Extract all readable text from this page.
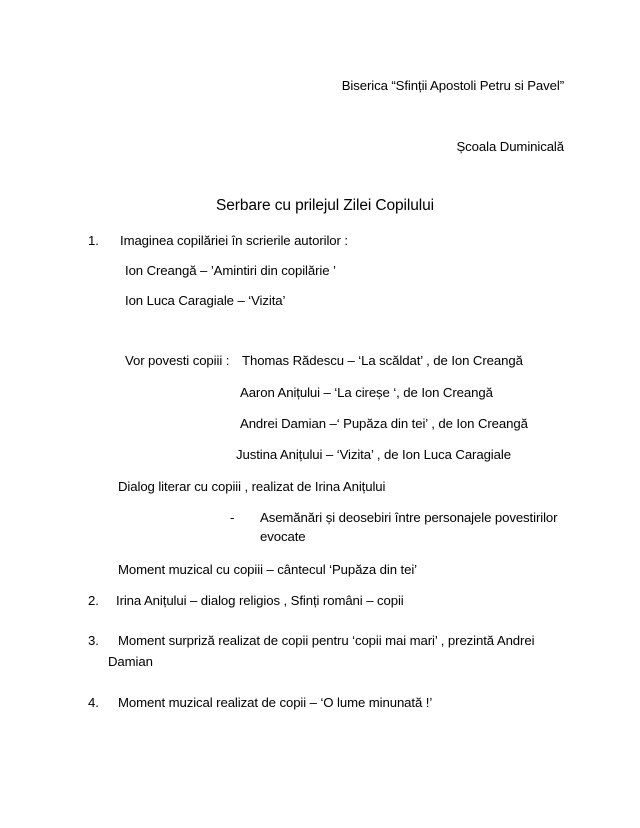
Biserica “Sfinții Apostoli Petru si Pavel”
Școala Duminicală
Serbare cu prilejul Zilei Copilului
1. Imaginea copilăriei în scrierile autorilor :
Ion Creangă – ’Amintiri din copilărie ’
Ion Luca Caragiale – ‘Vizita’
Vor povesti copiii : Thomas Rădescu – ‘La scăldat’ , de Ion Creangă
Aaron Anițului – ‘La cireșe ‘, de Ion Creangă
Andrei Damian –‘ Pupăza din tei’ , de Ion Creangă
Justina Anițului – ‘Vizita’ , de Ion Luca Caragiale
Dialog literar cu copiii , realizat de Irina Anițului
- Asemănări și deosebiri între personajele povestirilor
evocate
Moment muzical cu copiii – cântecul ‘Pupăza din tei’
2. Irina Anițului – dialog religios , Sfinți români – copii
3. Moment surpriză realizat de copii pentru ‘copii mai mari’ , prezintă Andrei
Damian
4. Moment muzical realizat de copii – ‘O lume minunată !’
